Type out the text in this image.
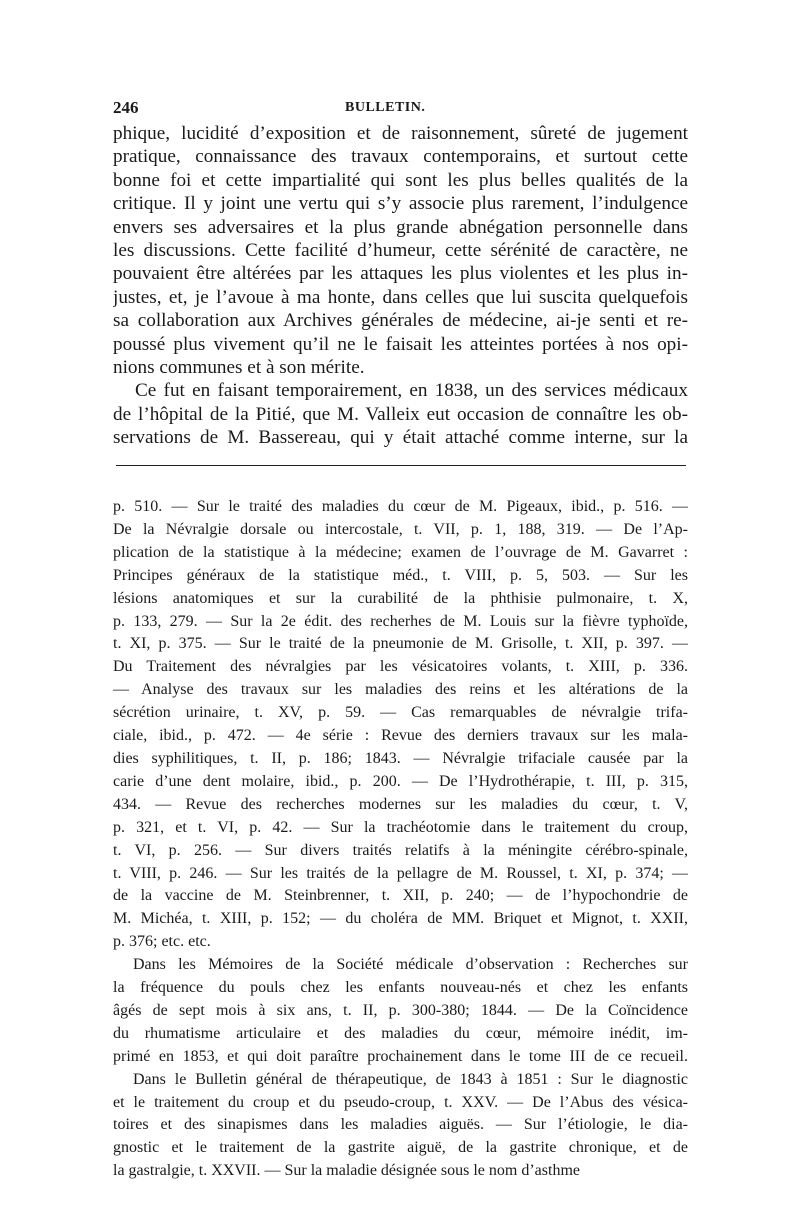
246	BULLETIN.
phique, lucidité d’exposition et de raisonnement, sûreté de jugement
pratique, connaissance des travaux contemporains, et surtout cette
bonne foi et cette impartialité qui sont les plus belles qualités de la
critique. Il y joint une vertu qui s’y associe plus rarement, l’indulgence
envers ses adversaires et la plus grande abnégation personnelle dans
les discussions. Cette facilité d’humeur, cette sérénité de caractère, ne
pouvaient être altérées par les attaques les plus violentes et les plus in-
justes, et, je l’avoue à ma honte, dans celles que lui suscita quelquefois
sa collaboration aux Archives générales de médecine, ai-je senti et re-
poussé plus vivement qu’il ne le faisait les atteintes portées à nos opi-
nions communes et à son mérite.
Ce fut en faisant temporairement, en 1838, un des services médicaux
de l’hôpital de la Pitié, que M. Valleix eut occasion de connaître les ob-
servations de M. Bassereau, qui y était attaché comme interne, sur la
p. 510. — Sur le traité des maladies du cœur de M. Pigeaux, ibid., p. 516. —
De la Névralgie dorsale ou intercostale, t. VII, p. 1, 188, 319. — De l’Ap-
plication de la statistique à la médecine; examen de l’ouvrage de M. Gavarret :
Principes généraux de la statistique méd., t. VIII, p. 5, 503. — Sur les
lésions anatomiques et sur la curabilité de la phthisie pulmonaire, t. X,
p. 133, 279. — Sur la 2e édit. des recherhes de M. Louis sur la fièvre typhoïde,
t. XI, p. 375. — Sur le traité de la pneumonie de M. Grisolle, t. XII, p. 397. —
Du Traitement des névralgies par les vésicatoires volants, t. XIII, p. 336.
— Analyse des travaux sur les maladies des reins et les altérations de la
sécrétion urinaire, t. XV, p. 59. — Cas remarquables de névralgie trifa-
ciale, ibid., p. 472. — 4e série : Revue des derniers travaux sur les mala-
dies syphilitiques, t. II, p. 186; 1843. — Névralgie trifaciale causée par la
carie d’une dent molaire, ibid., p. 200. — De l’Hydrothérapie, t. III, p. 315,
434. — Revue des recherches modernes sur les maladies du cœur, t. V,
p. 321, et t. VI, p. 42. — Sur la trachéotomie dans le traitement du croup,
t. VI, p. 256. — Sur divers traités relatifs à la méningite cérébro-spinale,
t. VIII, p. 246. — Sur les traités de la pellagre de M. Roussel, t. XI, p. 374; —
de la vaccine de M. Steinbrenner, t. XII, p. 240; — de l’hypochondrie de
M. Michéa, t. XIII, p. 152; — du choléra de MM. Briquet et Mignot, t. XXII,
p. 376; etc. etc.
Dans les Mémoires de la Société médicale d’observation : Recherches sur
la fréquence du pouls chez les enfants nouveau-nés et chez les enfants
âgés de sept mois à six ans, t. II, p. 300-380; 1844. — De la Coïncidence
du rhumatisme articulaire et des maladies du cœur, mémoire inédit, im-
primé en 1853, et qui doit paraître prochainement dans le tome III de ce recueil.
Dans le Bulletin général de thérapeutique, de 1843 à 1851 : Sur le diagnostic
et le traitement du croup et du pseudo-croup, t. XXV. — De l’Abus des vésica-
toires et des sinapismes dans les maladies aiguës. — Sur l’étiologie, le dia-
gnostic et le traitement de la gastrite aiguë, de la gastrite chronique, et de
la gastralgie, t. XXVII. — Sur la maladie désignée sous le nom d’asthme
